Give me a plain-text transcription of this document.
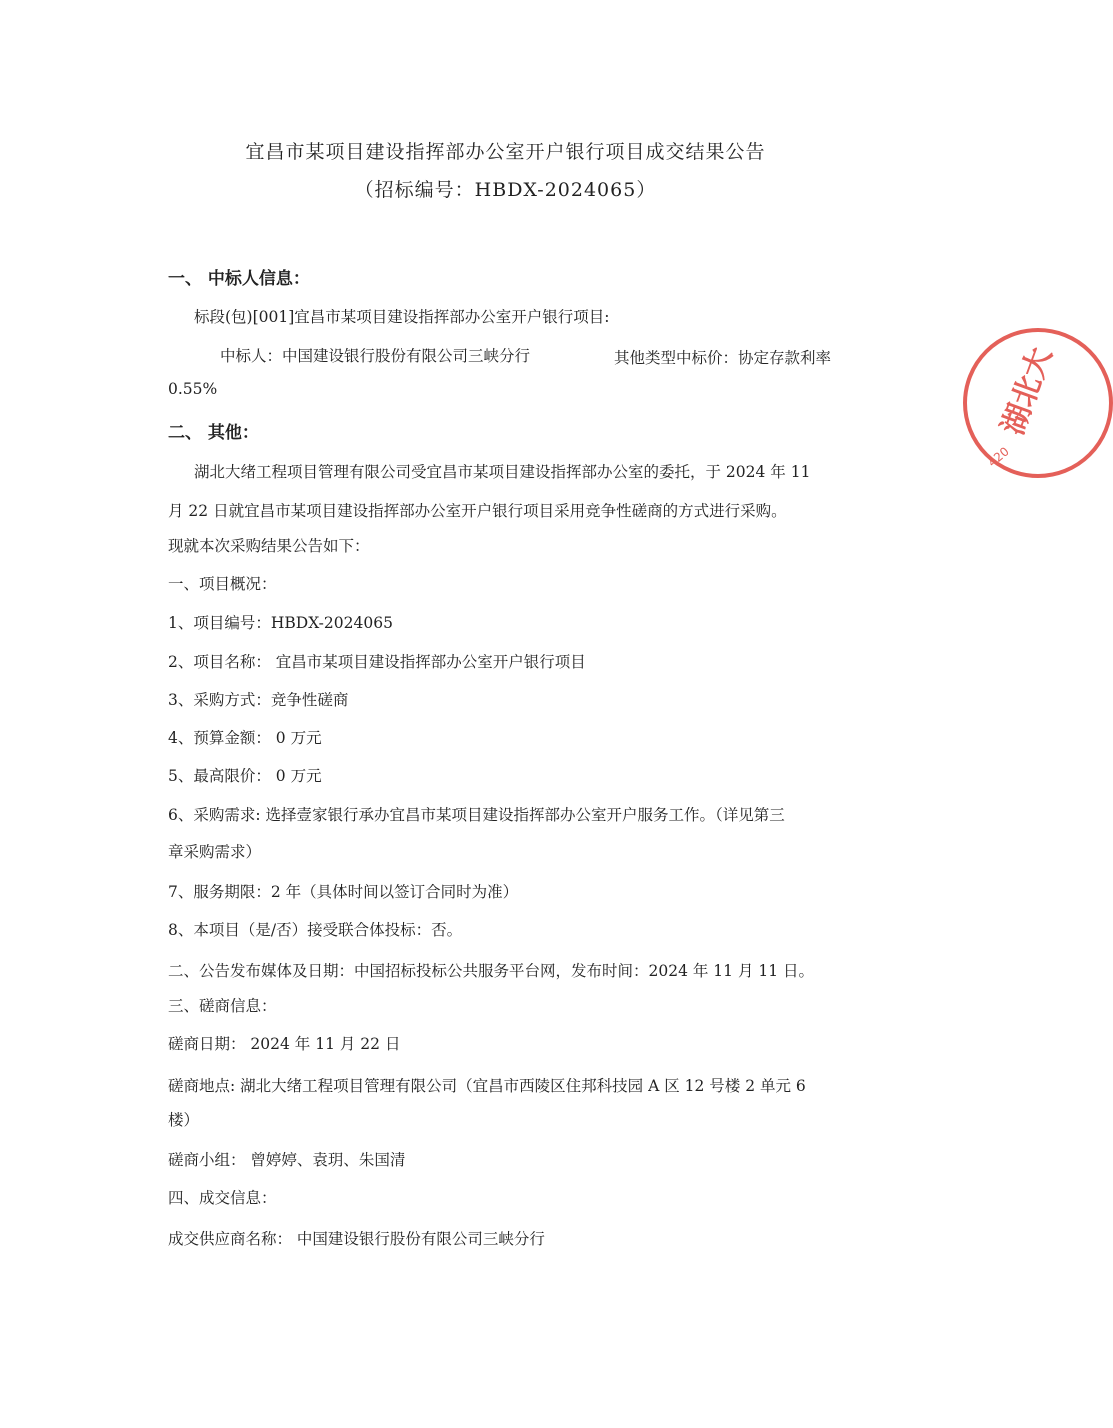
宜昌市某项目建设指挥部办公室开户银行项目成交结果公告
（招标编号：HBDX-2024065）
一、 中标人信息：
标段(包)[001]宜昌市某项目建设指挥部办公室开户银行项目:
中标人：中国建设银行股份有限公司三峡分行	其他类型中标价：协定存款利率
0.55%
二、 其他：
湖北大绪工程项目管理有限公司受宜昌市某项目建设指挥部办公室的委托，于 2024 年 11
月 22 日就宜昌市某项目建设指挥部办公室开户银行项目采用竞争性磋商的方式进行采购。
现就本次采购结果公告如下：
一、项目概况：
1、项目编号：HBDX-2024065
2、项目名称： 宜昌市某项目建设指挥部办公室开户银行项目
3、采购方式：竞争性磋商
4、预算金额： 0 万元
5、最高限价： 0 万元
6、采购需求: 选择壹家银行承办宜昌市某项目建设指挥部办公室开户服务工作。（详见第三
章采购需求）
7、服务期限：2 年（具体时间以签订合同时为准）
8、本项目（是/否）接受联合体投标：否。
二、公告发布媒体及日期：中国招标投标公共服务平台网，发布时间：2024 年 11 月 11 日。
三、磋商信息：
磋商日期： 2024 年 11 月 22 日
磋商地点: 湖北大绪工程项目管理有限公司（宜昌市西陵区住邦科技园 A 区 12 号楼 2 单元 6
楼）
磋商小组： 曾婷婷、袁玥、朱国清
四、成交信息：
成交供应商名称： 中国建设银行股份有限公司三峡分行
湖北大
420
